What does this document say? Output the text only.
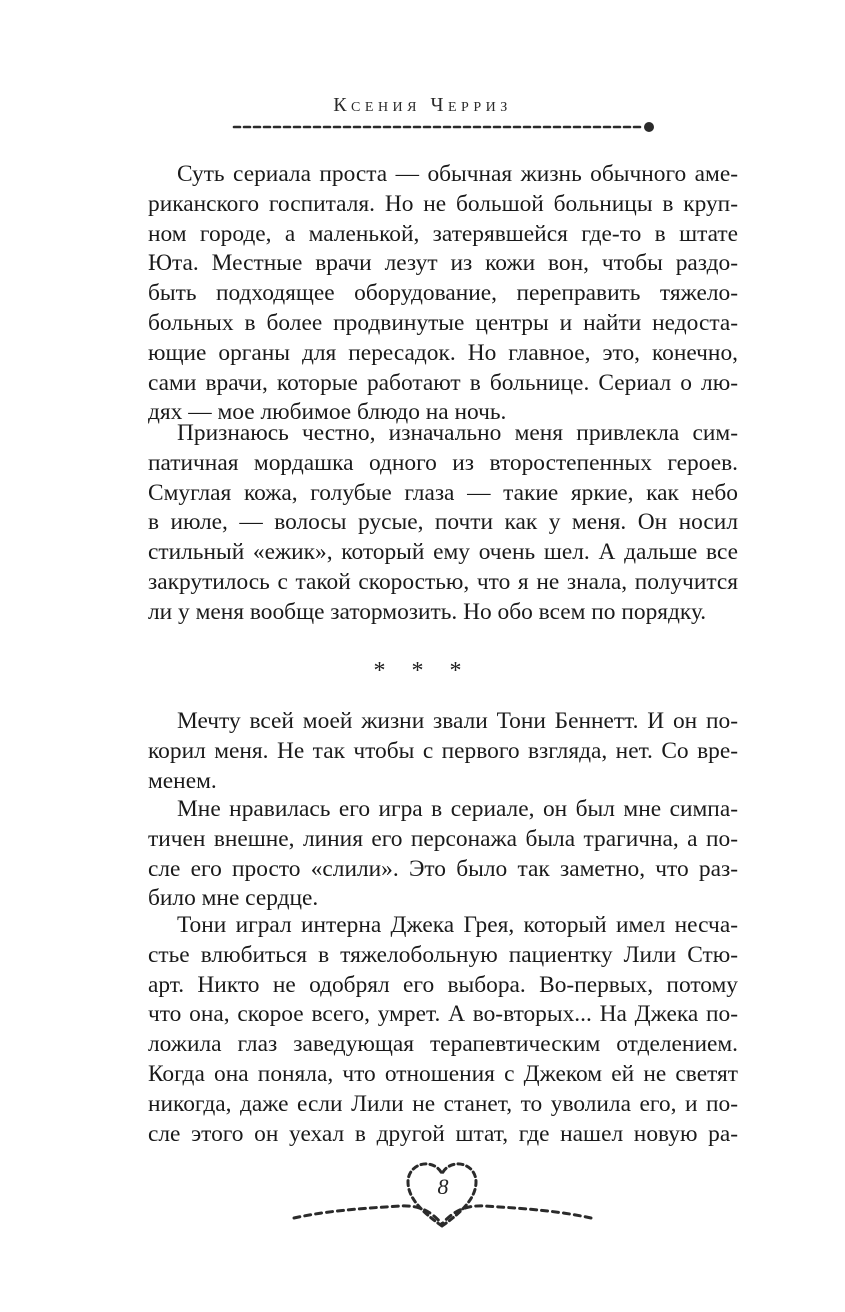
Ксения Черриз
Суть сериала проста — обычная жизнь обычного аме-
риканского госпиталя. Но не большой больницы в круп-
ном городе, а маленькой, затерявшейся где-то в штате
Юта. Местные врачи лезут из кожи вон, чтобы раздо-
быть подходящее оборудование, переправить тяжело-
больных в более продвинутые центры и найти недоста-
ющие органы для пересадок. Но главное, это, конечно,
сами врачи, которые работают в больнице. Сериал о лю-
дях — мое любимое блюдо на ночь.
Признаюсь честно, изначально меня привлекла сим-
патичная мордашка одного из второстепенных героев.
Смуглая кожа, голубые глаза — такие яркие, как небо
в июле, — волосы русые, почти как у меня. Он носил
стильный «ежик», который ему очень шел. А дальше все
закрутилось с такой скоростью, что я не знала, получится
ли у меня вообще затормозить. Но обо всем по порядку.
* * *
Мечту всей моей жизни звали Тони Беннетт. И он по-
корил меня. Не так чтобы с первого взгляда, нет. Со вре-
менем.
Мне нравилась его игра в сериале, он был мне симпа-
тичен внешне, линия его персонажа была трагична, а по-
сле его просто «слили». Это было так заметно, что раз-
било мне сердце.
Тони играл интерна Джека Грея, который имел несча-
стье влюбиться в тяжелобольную пациентку Лили Стю-
арт. Никто не одобрял его выбора. Во-первых, потому
что она, скорое всего, умрет. А во-вторых... На Джека по-
ложила глаз заведующая терапевтическим отделением.
Когда она поняла, что отношения с Джеком ей не светят
никогда, даже если Лили не станет, то уволила его, и по-
сле этого он уехал в другой штат, где нашел новую ра-
8
